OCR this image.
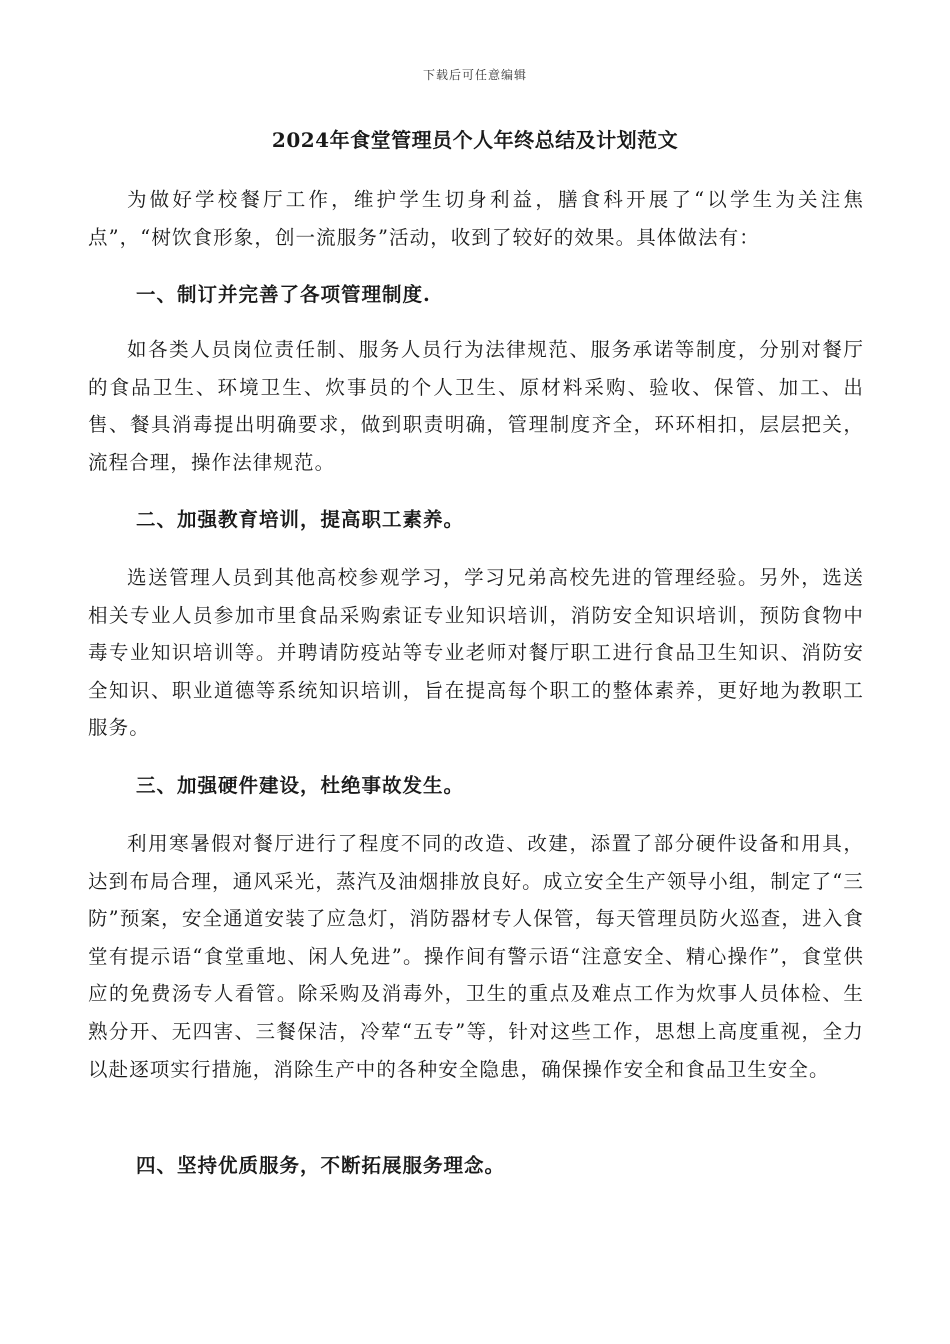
下载后可任意编辑
2024年食堂管理员个人年终总结及计划范文

为做好学校餐厅工作，维护学生切身利益，膳食科开展了“以学生为关注焦点”，“树饮食形象，创一流服务”活动，收到了较好的效果。具体做法有：

一、制订并完善了各项管理制度.

如各类人员岗位责任制、服务人员行为法律规范、服务承诺等制度，分别对餐厅的食品卫生、环境卫生、炊事员的个人卫生、原材料采购、验收、保管、加工、出售、餐具消毒提出明确要求，做到职责明确，管理制度齐全，环环相扣，层层把关，流程合理，操作法律规范。

二、加强教育培训，提高职工素养。

选送管理人员到其他高校参观学习，学习兄弟高校先进的管理经验。另外，选送相关专业人员参加市里食品采购索证专业知识培训，消防安全知识培训，预防食物中毒专业知识培训等。并聘请防疫站等专业老师对餐厅职工进行食品卫生知识、消防安全知识、职业道德等系统知识培训，旨在提高每个职工的整体素养，更好地为教职工服务。

三、加强硬件建设，杜绝事故发生。

利用寒暑假对餐厅进行了程度不同的改造、改建，添置了部分硬件设备和用具，达到布局合理，通风采光，蒸汽及油烟排放良好。成立安全生产领导小组，制定了“三防”预案，安全通道安装了应急灯，消防器材专人保管，每天管理员防火巡查，进入食堂有提示语“食堂重地、闲人免进”。操作间有警示语“注意安全、精心操作”，食堂供应的免费汤专人看管。除采购及消毒外，卫生的重点及难点工作为炊事人员体检、生熟分开、无四害、三餐保洁，冷荤“五专”等，针对这些工作，思想上高度重视，全力以赴逐项实行措施，消除生产中的各种安全隐患，确保操作安全和食品卫生安全。

四、坚持优质服务，不断拓展服务理念。
